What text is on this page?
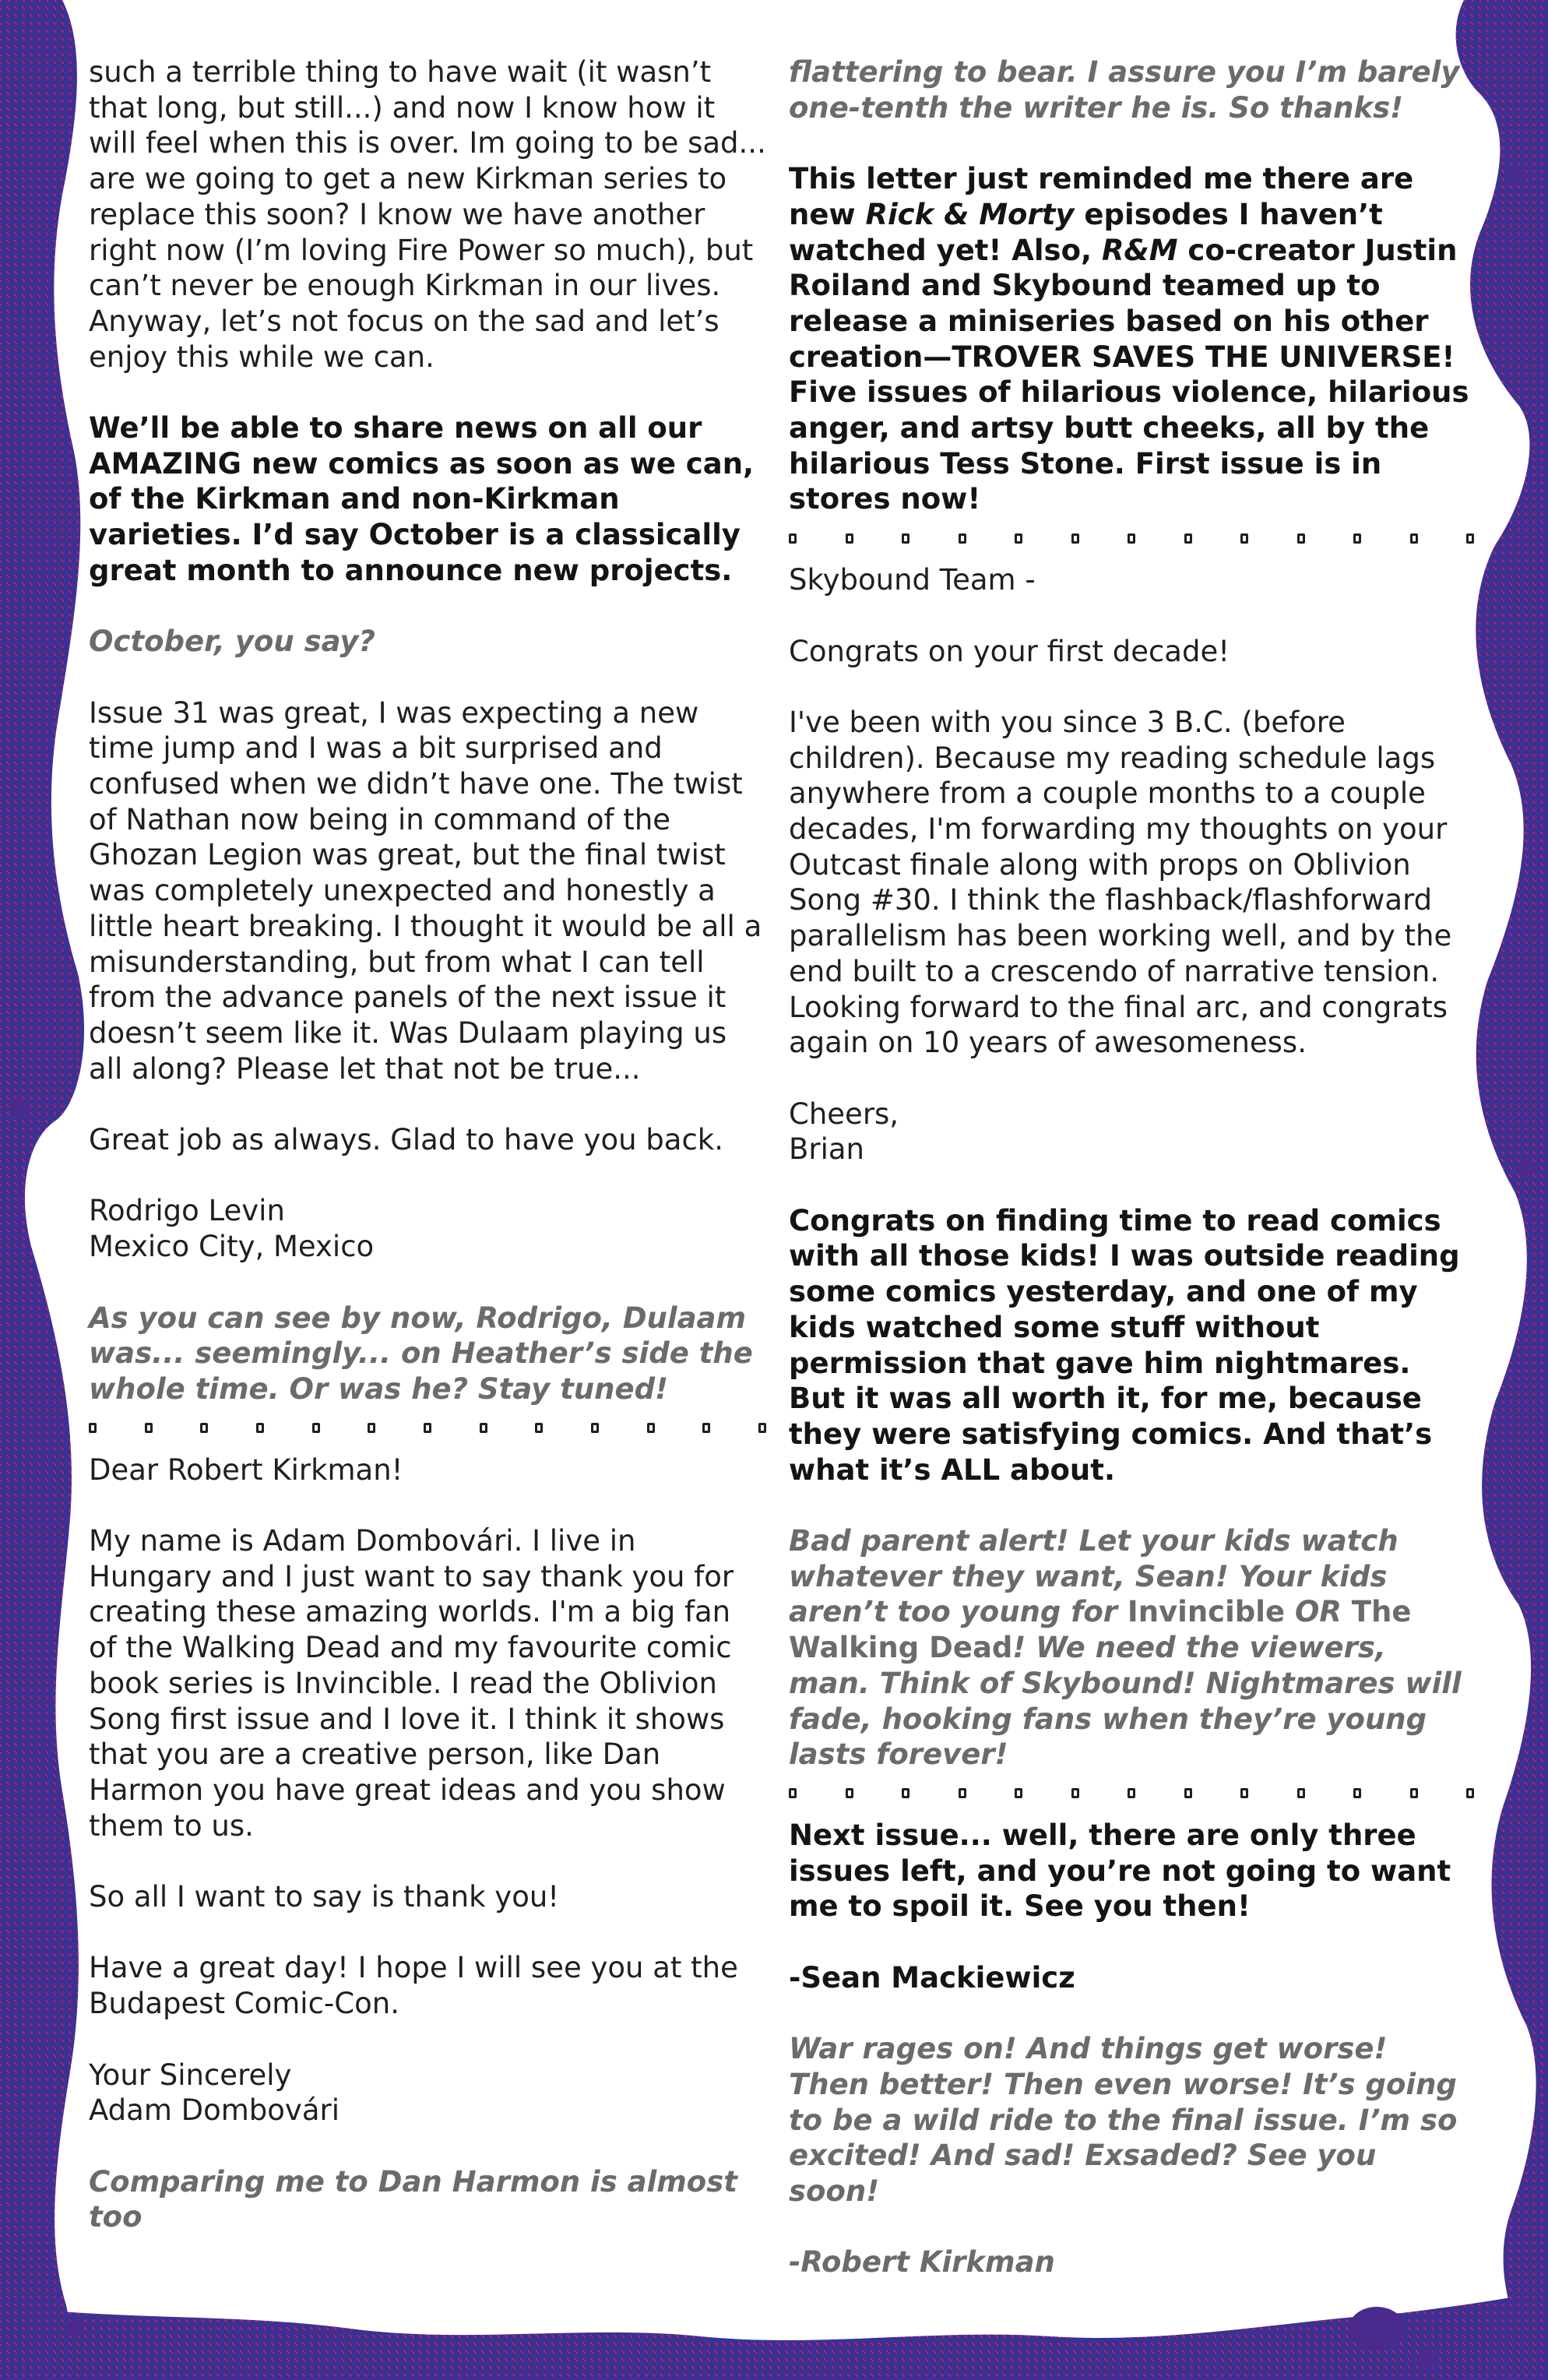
such a terrible thing to have wait (it wasn’t that long, but still...) and now I know how it will feel when this is over. Im going to be sad... are we going to get a new Kirkman series to replace this soon? I know we have another right now (I’m loving Fire Power so much), but can’t never be enough Kirkman in our lives. Anyway, let’s not focus on the sad and let’s enjoy this while we can.

We’ll be able to share news on all our AMAZING new comics as soon as we can, of the Kirkman and non-Kirkman varieties. I’d say October is a classically great month to announce new projects.

October, you say?

Issue 31 was great, I was expecting a new time jump and I was a bit surprised and confused when we didn’t have one. The twist of Nathan now being in command of the Ghozan Legion was great, but the final twist was completely unexpected and honestly a little heart breaking. I thought it would be all a misunderstanding, but from what I can tell from the advance panels of the next issue it doesn’t seem like it. Was Dulaam playing us all along? Please let that not be true...

Great job as always. Glad to have you back.

Rodrigo Levin

Mexico City, Mexico

As you can see by now, Rodrigo, Dulaam was... seemingly... on Heather’s side the whole time. Or was he? Stay tuned!

Dear Robert Kirkman!

My name is Adam Dombovári. I live in Hungary and I just want to say thank you for creating these amazing worlds. I'm a big fan of the Walking Dead and my favourite comic book series is Invincible. I read the Oblivion Song first issue and I love it. I think it shows that you are a creative person, like Dan Harmon you have great ideas and you show them to us.

So all I want to say is thank you!

Have a great day! I hope I will see you at the Budapest Comic-Con.

Your Sincerely

Adam Dombovári

Comparing me to Dan Harmon is almost too

flattering to bear. I assure you I’m barely one-tenth the writer he is. So thanks!

This letter just reminded me there are new Rick & Morty episodes I haven’t watched yet! Also, R&M co-creator Justin Roiland and Skybound teamed up to release a miniseries based on his other creation—TROVER SAVES THE UNIVERSE! Five issues of hilarious violence, hilarious anger, and artsy butt cheeks, all by the hilarious Tess Stone. First issue is in stores now!

Skybound Team -

Congrats on your first decade!

I've been with you since 3 B.C. (before children). Because my reading schedule lags anywhere from a couple months to a couple decades, I'm forwarding my thoughts on your Outcast finale along with props on Oblivion Song #30. I think the flashback/flashforward parallelism has been working well, and by the end built to a crescendo of narrative tension. Looking forward to the final arc, and congrats again on 10 years of awesomeness.

Cheers,

Brian

Congrats on finding time to read comics with all those kids! I was outside reading some comics yesterday, and one of my kids watched some stuff without permission that gave him nightmares. But it was all worth it, for me, because they were satisfying comics. And that’s what it’s ALL about.

Bad parent alert! Let your kids watch whatever they want, Sean! Your kids aren’t too young for Invincible OR The Walking Dead! We need the viewers, man. Think of Skybound! Nightmares will fade, hooking fans when they’re young lasts forever!

Next issue... well, there are only three issues left, and you’re not going to want me to spoil it. See you then!

-Sean Mackiewicz

War rages on! And things get worse! Then better! Then even worse! It’s going to be a wild ride to the final issue. I’m so excited! And sad! Exsaded? See you soon!

-Robert Kirkman
